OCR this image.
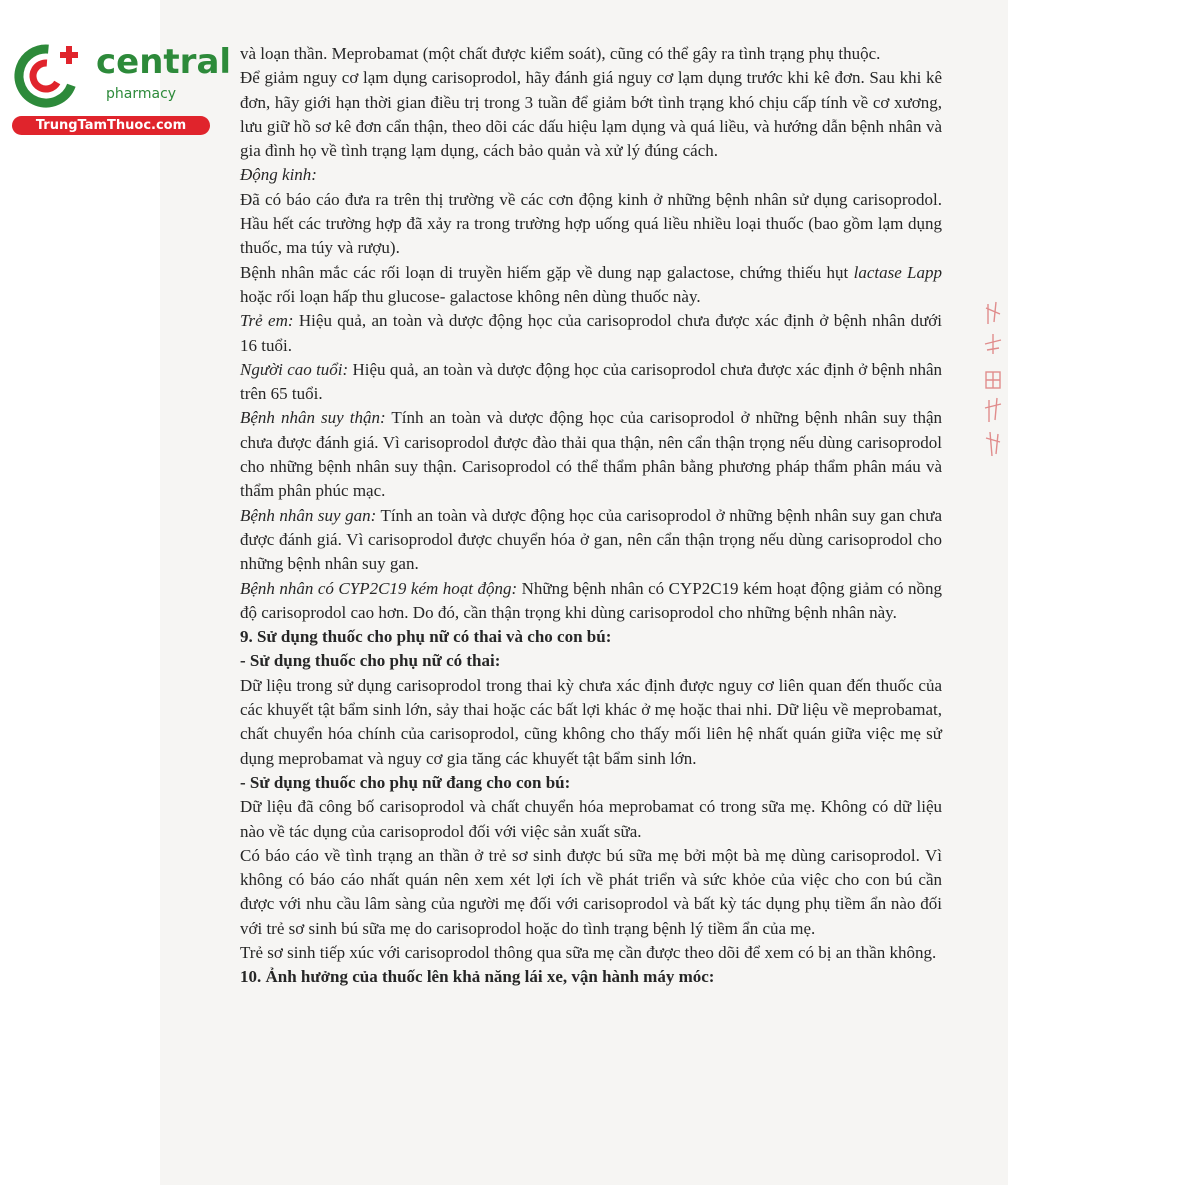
central
pharmacy
TrungTamThuoc.com

và loạn thần. Meprobamat (một chất được kiểm soát), cũng có thể gây ra tình trạng phụ thuộc.

Để giảm nguy cơ lạm dụng carisoprodol, hãy đánh giá nguy cơ lạm dụng trước khi kê đơn. Sau khi kê đơn, hãy giới hạn thời gian điều trị trong 3 tuần để giảm bớt tình trạng khó chịu cấp tính về cơ xương, lưu giữ hồ sơ kê đơn cẩn thận, theo dõi các dấu hiệu lạm dụng và quá liều, và hướng dẫn bệnh nhân và gia đình họ về tình trạng lạm dụng, cách bảo quản và xử lý đúng cách.

Động kinh:

Đã có báo cáo đưa ra trên thị trường về các cơn động kinh ở những bệnh nhân sử dụng carisoprodol. Hầu hết các trường hợp đã xảy ra trong trường hợp uống quá liều nhiều loại thuốc (bao gồm lạm dụng thuốc, ma túy và rượu).

Bệnh nhân mắc các rối loạn di truyền hiếm gặp về dung nạp galactose, chứng thiếu hụt lactase Lapp hoặc rối loạn hấp thu glucose- galactose không nên dùng thuốc này.

Trẻ em: Hiệu quả, an toàn và dược động học của carisoprodol chưa được xác định ở bệnh nhân dưới 16 tuổi.

Người cao tuổi: Hiệu quả, an toàn và dược động học của carisoprodol chưa được xác định ở bệnh nhân trên 65 tuổi.

Bệnh nhân suy thận: Tính an toàn và dược động học của carisoprodol ở những bệnh nhân suy thận chưa được đánh giá. Vì carisoprodol được đào thải qua thận, nên cẩn thận trọng nếu dùng carisoprodol cho những bệnh nhân suy thận. Carisoprodol có thể thẩm phân bằng phương pháp thẩm phân máu và thẩm phân phúc mạc.

Bệnh nhân suy gan: Tính an toàn và dược động học của carisoprodol ở những bệnh nhân suy gan chưa được đánh giá. Vì carisoprodol được chuyển hóa ở gan, nên cẩn thận trọng nếu dùng carisoprodol cho những bệnh nhân suy gan.

Bệnh nhân có CYP2C19 kém hoạt động: Những bệnh nhân có CYP2C19 kém hoạt động giảm có nồng độ carisoprodol cao hơn. Do đó, cần thận trọng khi dùng carisoprodol cho những bệnh nhân này.

9. Sử dụng thuốc cho phụ nữ có thai và cho con bú:

- Sử dụng thuốc cho phụ nữ có thai:

Dữ liệu trong sử dụng carisoprodol trong thai kỳ chưa xác định được nguy cơ liên quan đến thuốc của các khuyết tật bẩm sinh lớn, sảy thai hoặc các bất lợi khác ở mẹ hoặc thai nhi. Dữ liệu về meprobamat, chất chuyển hóa chính của carisoprodol, cũng không cho thấy mối liên hệ nhất quán giữa việc mẹ sử dụng meprobamat và nguy cơ gia tăng các khuyết tật bẩm sinh lớn.

- Sử dụng thuốc cho phụ nữ đang cho con bú:

Dữ liệu đã công bố carisoprodol và chất chuyển hóa meprobamat có trong sữa mẹ. Không có dữ liệu nào về tác dụng của carisoprodol đối với việc sản xuất sữa.

Có báo cáo về tình trạng an thần ở trẻ sơ sinh được bú sữa mẹ bởi một bà mẹ dùng carisoprodol. Vì không có báo cáo nhất quán nên xem xét lợi ích về phát triển và sức khỏe của việc cho con bú cần được với nhu cầu lâm sàng của người mẹ đối với carisoprodol và bất kỳ tác dụng phụ tiềm ẩn nào đối với trẻ sơ sinh bú sữa mẹ do carisoprodol hoặc do tình trạng bệnh lý tiềm ẩn của mẹ.

Trẻ sơ sinh tiếp xúc với carisoprodol thông qua sữa mẹ cần được theo dõi để xem có bị an thần không.

10. Ảnh hưởng của thuốc lên khả năng lái xe, vận hành máy móc:
